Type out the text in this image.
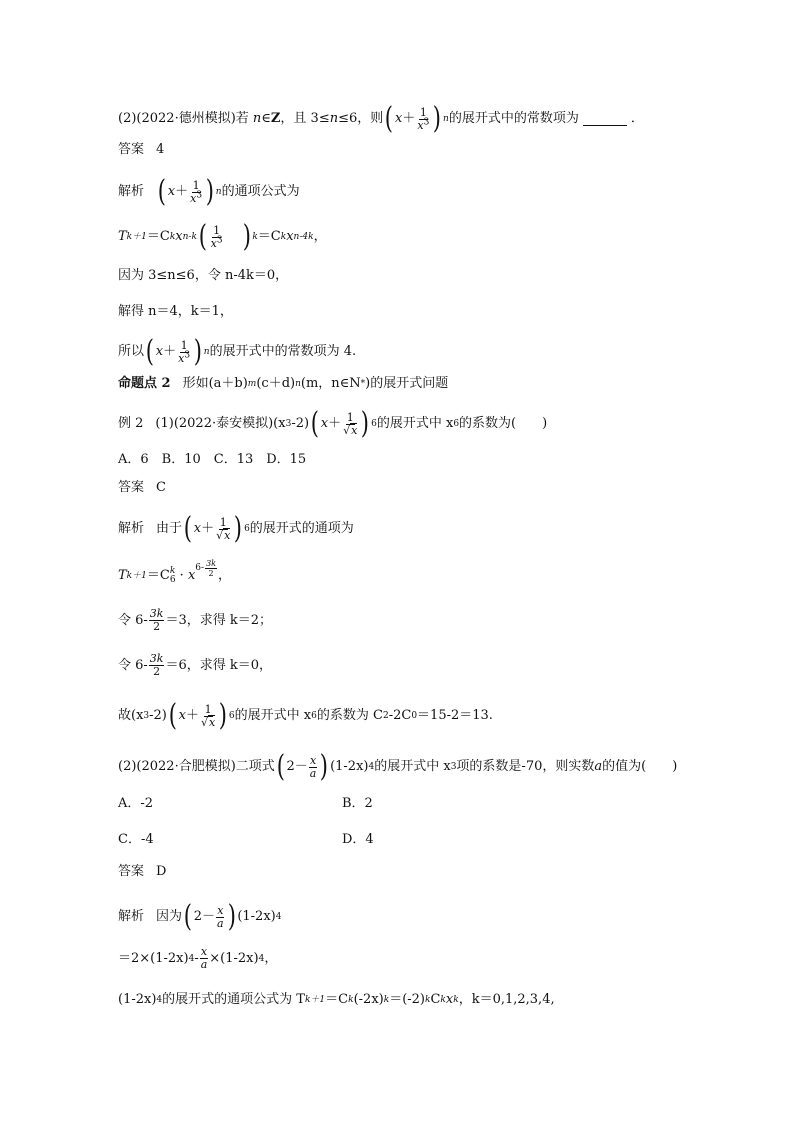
(2)(2022·德州模拟)若 n ∈ Z ，且 3≤ n ≤6，则 ( $x + \frac{1}{x^3}$ ) n 的展开式中的常数项为	．
答案 4
解析 ( $x + \frac{1}{x^3}$ ) n 的通项公式为
T k＋1 ＝C k x n-k ( $\frac{1}{x^3}$ ) k ＝C k x n-4k ，
因为 3≤n≤6，令 n-4k＝0，
解得 n＝4，k＝1，
所以 ( $x + \frac{1}{x^3}$ ) n 的展开式中的常数项为 4.
命题点 2 形如(a＋b) m (c＋d) n (m，n∈N * )的展开式问题
例 2 (1)(2022·泰安模拟)(x 3 -2) ( $x + \frac{1}{√x}$ ) 6 的展开式中 x 6 的系数为(　　)
A．6　B．10　C．13　D．15
答案 C
解析 由于 ( $x + \frac{1}{√x}$ ) 6 的展开式的通项为
T k＋1 ＝C k
6 · x $6- \frac{3k}{2}$ ，
令 $6- \frac{3k}{2} =3$，求得 k＝2；
令 $6- \frac{3k}{2} =6$，求得 k＝0，
故(x 3 -2) ( $x + \frac{1}{√x}$ ) 6 的展开式中 x 6 的系数为 C 2 -2C 0 ＝15-2＝13.
(2)(2022·合肥模拟)二项式 ( $2- \frac{x}{a}$ ) (1-2x) 4 的展开式中 x 3 项的系数是-70，则实数 a 的值为(　　)
A．-2	B．2
C．-4	D．4
答案 D
解析 因为 ( $2- \frac{x}{a}$ ) (1-2x) 4
＝2×(1-2x) $4 - \frac{x}{a} \times(1-2x)$ 4 ，
(1-2x) 4 的展开式的通项公式为 T k＋1 ＝C k (-2x) k ＝(-2) k C k x k ，k＝0,1,2,3,4,
